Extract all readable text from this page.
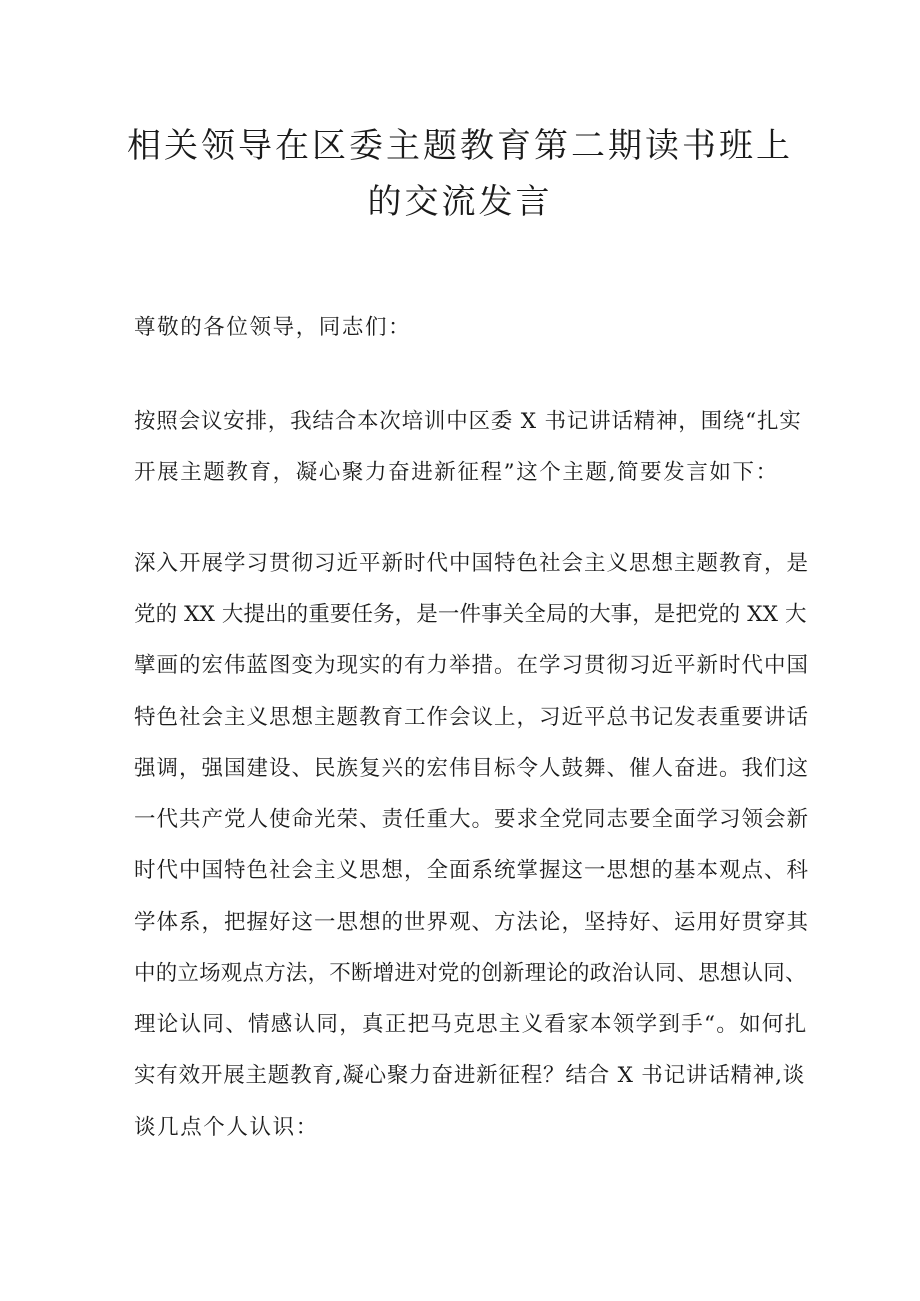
相关领导在区委主题教育第二期读书班上
的交流发言

尊敬的各位领导，同志们：

按照会议安排，我结合本次培训中区委 X 书记讲话精神，围绕“扎实

开展主题教育，凝心聚力奋进新征程”这个主题,简要发言如下：

深入开展学习贯彻习近平新时代中国特色社会主义思想主题教育，是

党的 XX 大提出的重要任务，是一件事关全局的大事，是把党的 XX 大

擘画的宏伟蓝图变为现实的有力举措。在学习贯彻习近平新时代中国

特色社会主义思想主题教育工作会议上，习近平总书记发表重要讲话

强调，强国建设、民族复兴的宏伟目标令人鼓舞、催人奋进。我们这

一代共产党人使命光荣、责任重大。要求全党同志要全面学习领会新

时代中国特色社会主义思想，全面系统掌握这一思想的基本观点、科

学体系，把握好这一思想的世界观、方法论，坚持好、运用好贯穿其

中的立场观点方法，不断增进对党的创新理论的政治认同、思想认同、

理论认同、情感认同，真正把马克思主义看家本领学到手“。如何扎

实有效开展主题教育,凝心聚力奋进新征程？结合 X 书记讲话精神,谈

谈几点个人认识：
